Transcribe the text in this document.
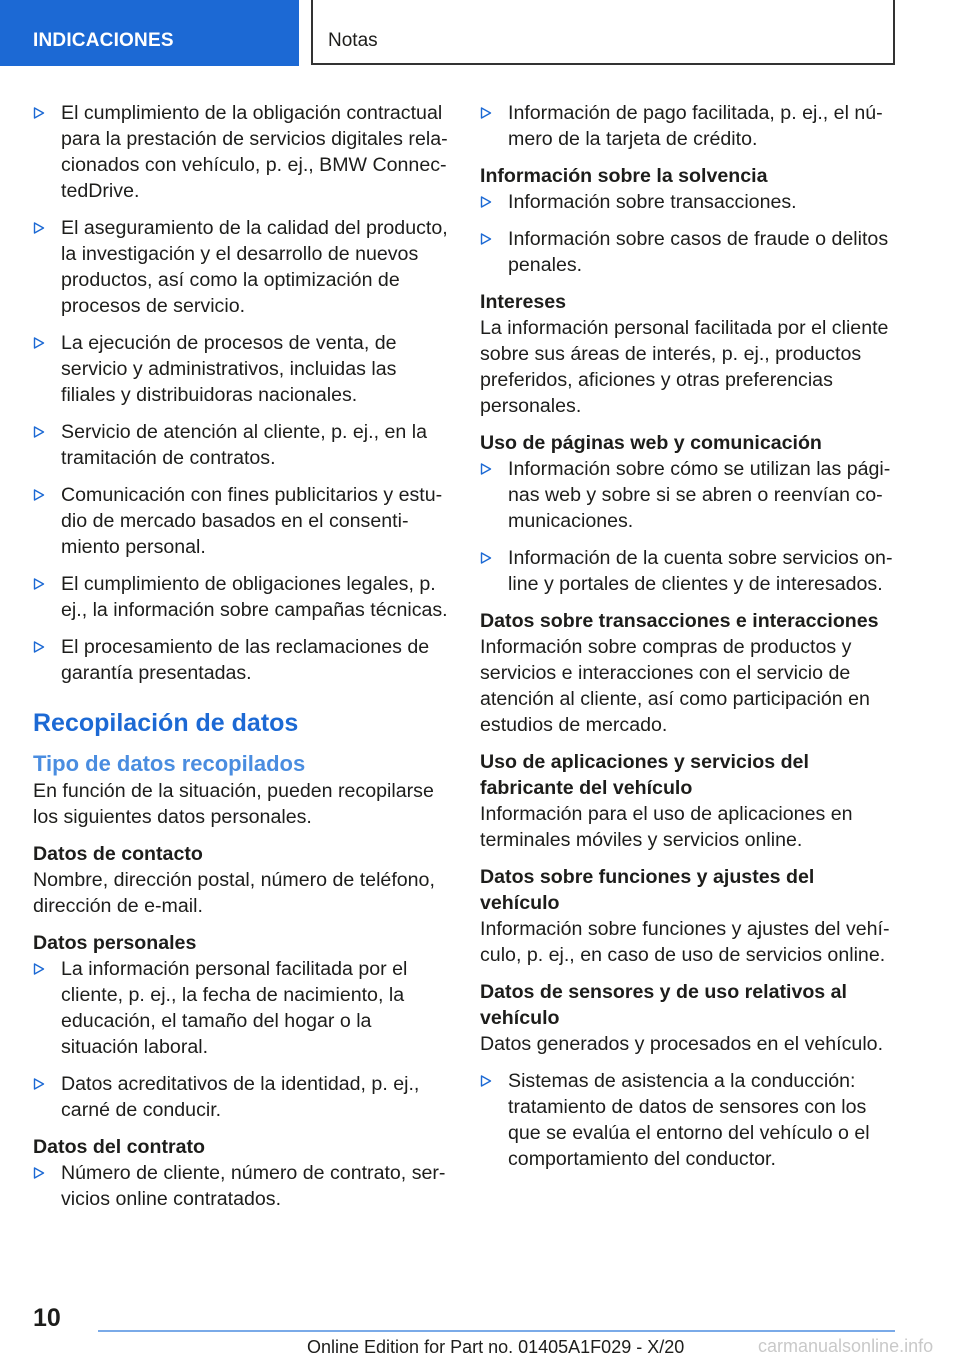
INDICACIONES	Notas
El cumplimiento de la obligación contractual para la prestación de servicios digitales relacionados con vehículo, p. ej., BMW ConnectedDrive.
El aseguramiento de la calidad del producto, la investigación y el desarrollo de nuevos productos, así como la optimización de procesos de servicio.
La ejecución de procesos de venta, de servicio y administrativos, incluidas las filiales y distribuidoras nacionales.
Servicio de atención al cliente, p. ej., en la tramitación de contratos.
Comunicación con fines publicitarios y estudio de mercado basados en el consentimiento personal.
El cumplimiento de obligaciones legales, p. ej., la información sobre campañas técnicas.
El procesamiento de las reclamaciones de garantía presentadas.
Recopilación de datos
Tipo de datos recopilados
En función de la situación, pueden recopilarse los siguientes datos personales.
Datos de contacto
Nombre, dirección postal, número de teléfono, dirección de e-mail.
Datos personales
La información personal facilitada por el cliente, p. ej., la fecha de nacimiento, la educación, el tamaño del hogar o la situación laboral.
Datos acreditativos de la identidad, p. ej., carné de conducir.
Datos del contrato
Número de cliente, número de contrato, servicios online contratados.
Información de pago facilitada, p. ej., el número de la tarjeta de crédito.
Información sobre la solvencia
Información sobre transacciones.
Información sobre casos de fraude o delitos penales.
Intereses
La información personal facilitada por el cliente sobre sus áreas de interés, p. ej., productos preferidos, aficiones y otras preferencias personales.
Uso de páginas web y comunicación
Información sobre cómo se utilizan las páginas web y sobre si se abren o reenvían comunicaciones.
Información de la cuenta sobre servicios online y portales de clientes y de interesados.
Datos sobre transacciones e interacciones
Información sobre compras de productos y servicios e interacciones con el servicio de atención al cliente, así como participación en estudios de mercado.
Uso de aplicaciones y servicios del fabricante del vehículo
Información para el uso de aplicaciones en terminales móviles y servicios online.
Datos sobre funciones y ajustes del vehículo
Información sobre funciones y ajustes del vehículo, p. ej., en caso de uso de servicios online.
Datos de sensores y de uso relativos al vehículo
Datos generados y procesados en el vehículo.
Sistemas de asistencia a la conducción: tratamiento de datos de sensores con los que se evalúa el entorno del vehículo o el comportamiento del conductor.
10
Online Edition for Part no. 01405A1F029 - X/20	carmanualsonline.info
